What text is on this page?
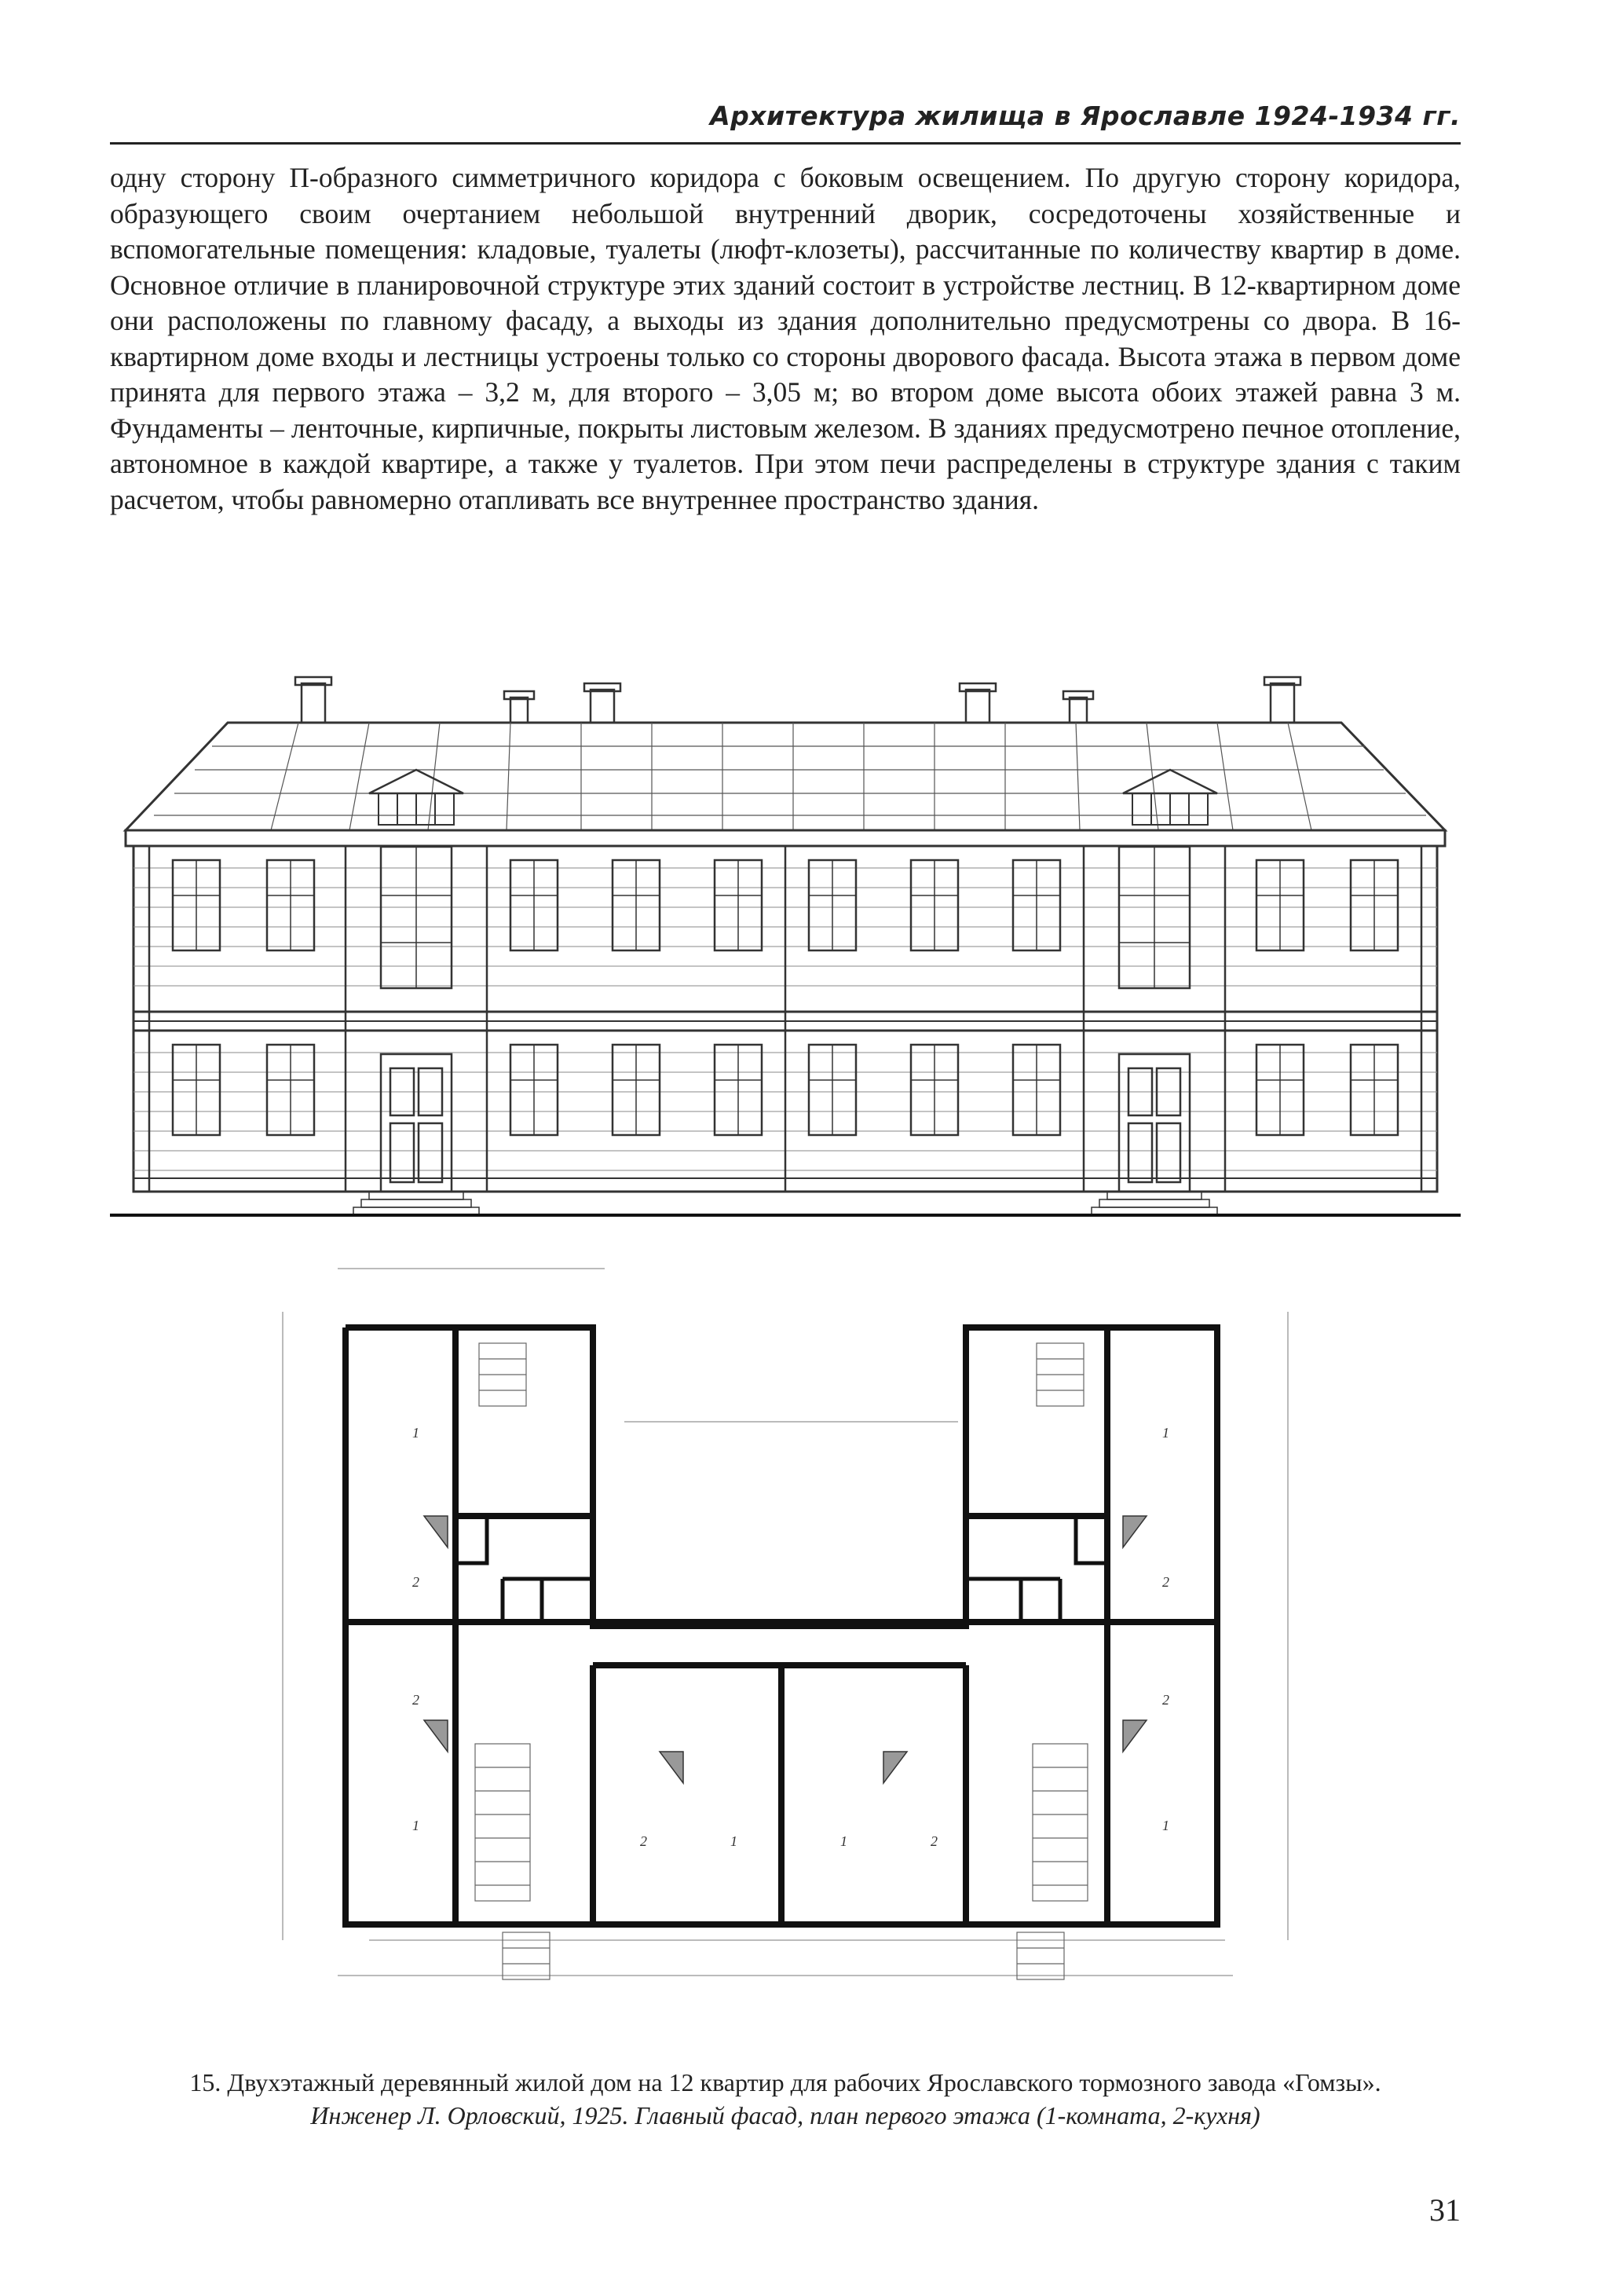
Архитектура жилища в Ярославле 1924-1934 гг.

одну сторону П-образного симметричного коридора с боковым освещением. По другую сторону коридора, образующего своим очертанием небольшой внутренний дворик, сосредоточены хозяйственные и вспомогательные помещения: кладовые, туалеты (люфт-клозеты), рассчитанные по количеству квартир в доме. Основное отличие в планировочной структуре этих зданий состоит в устройстве лестниц. В 12-квартирном доме они расположены по главному фасаду, а выходы из здания дополнительно предусмотрены со двора. В 16-квартирном доме входы и лестницы устроены только со стороны дворового фасада. Высота этажа в первом доме принята для первого этажа – 3,2 м, для второго – 3,05 м; во втором доме высота обоих этажей равна 3 м. Фундаменты – ленточные, кирпичные, покрыты листовым железом. В зданиях предусмотрено печное отопление, автономное в каждой квартире, а также у туалетов. При этом печи распределены в структуре здания с таким расчетом, чтобы равномерно отапливать все внутреннее пространство здания.

1
2
2
1
2	1	2
1
1
2
1
2
15. Двухэтажный деревянный жилой дом на 12 квартир для рабочих Ярославского тормозного завода «Гомзы».
Инженер Л. Орловский, 1925. Главный фасад, план первого этажа (1-комната, 2-кухня)
31
